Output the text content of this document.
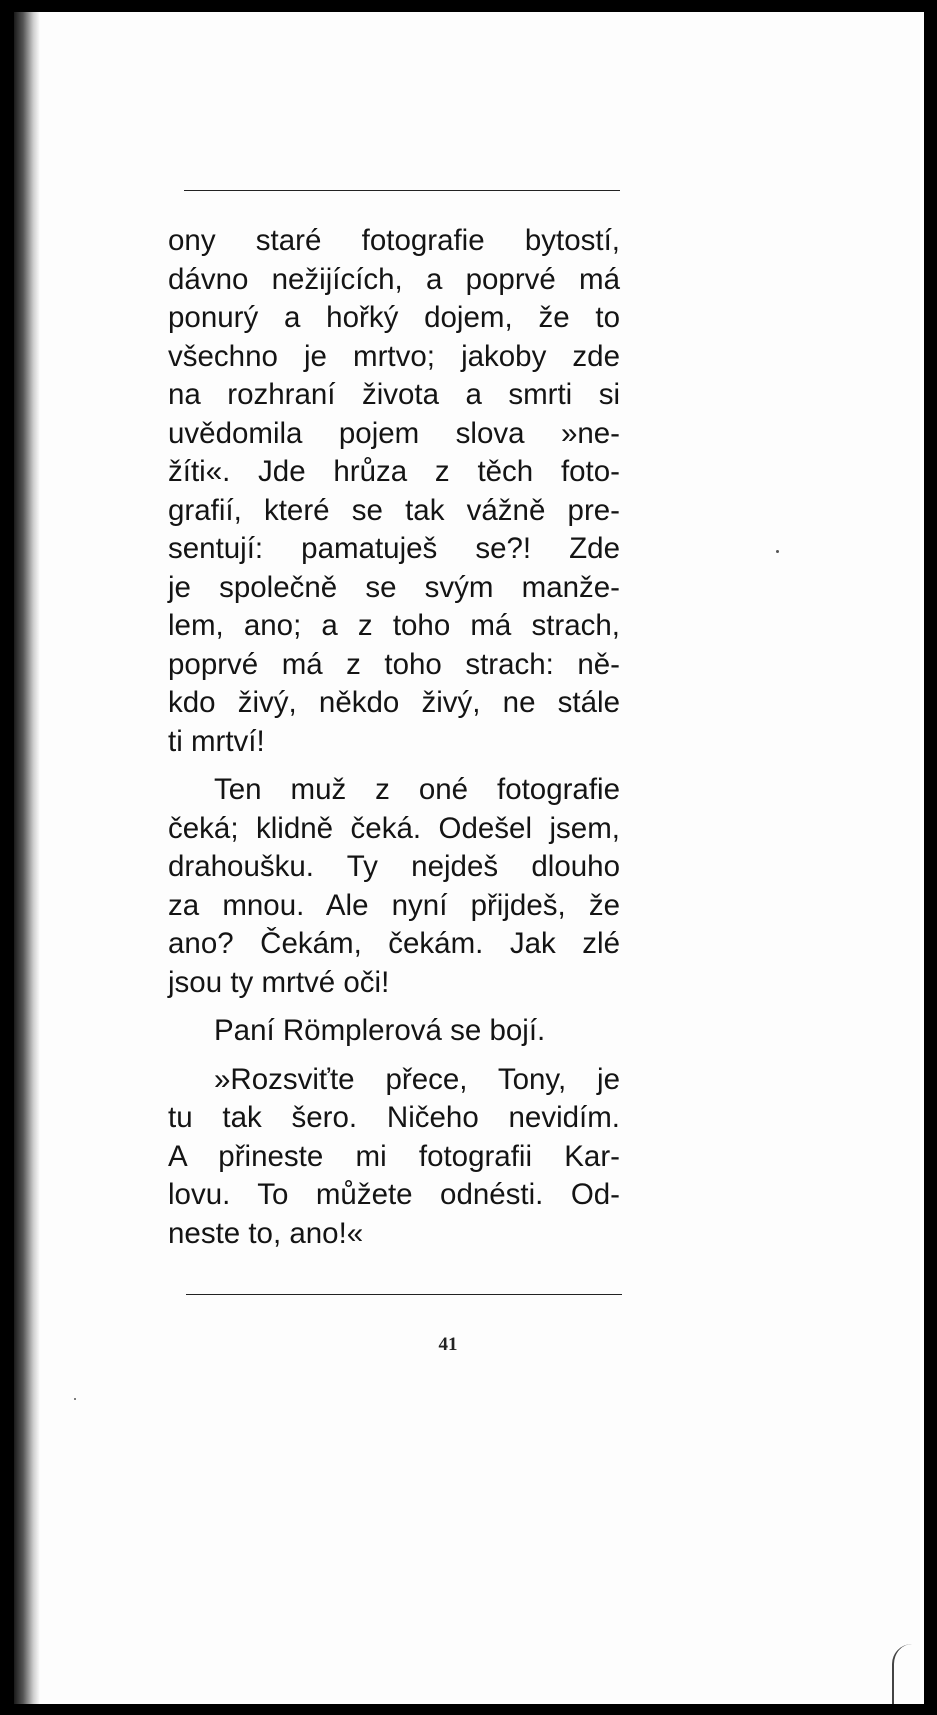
ony staré fotografie bytostí,
dávno nežijících, a poprvé má
ponurý a hořký dojem, že to
všechno je mrtvo; jakoby zde
na rozhraní života a smrti si
uvědomila pojem slova »ne-
žíti«. Jde hrůza z těch foto-
grafií, které se tak vážně pre-
sentují: pamatuješ se?! Zde
je společně se svým manže-
lem, ano; a z toho má strach,
poprvé má z toho strach: ně-
kdo živý, někdo živý, ne stále
ti mrtví!
Ten muž z oné fotografie
čeká; klidně čeká. Odešel jsem,
drahoušku. Ty nejdeš dlouho
za mnou. Ale nyní přijdeš, že
ano? Čekám, čekám. Jak zlé
jsou ty mrtvé oči!
Paní Römplerová se bojí.
»Rozsviťte přece, Tony, je
tu tak šero. Ničeho nevidím.
A přineste mi fotografii Kar-
lovu. To můžete odnésti. Od-
neste to, ano!«
41
